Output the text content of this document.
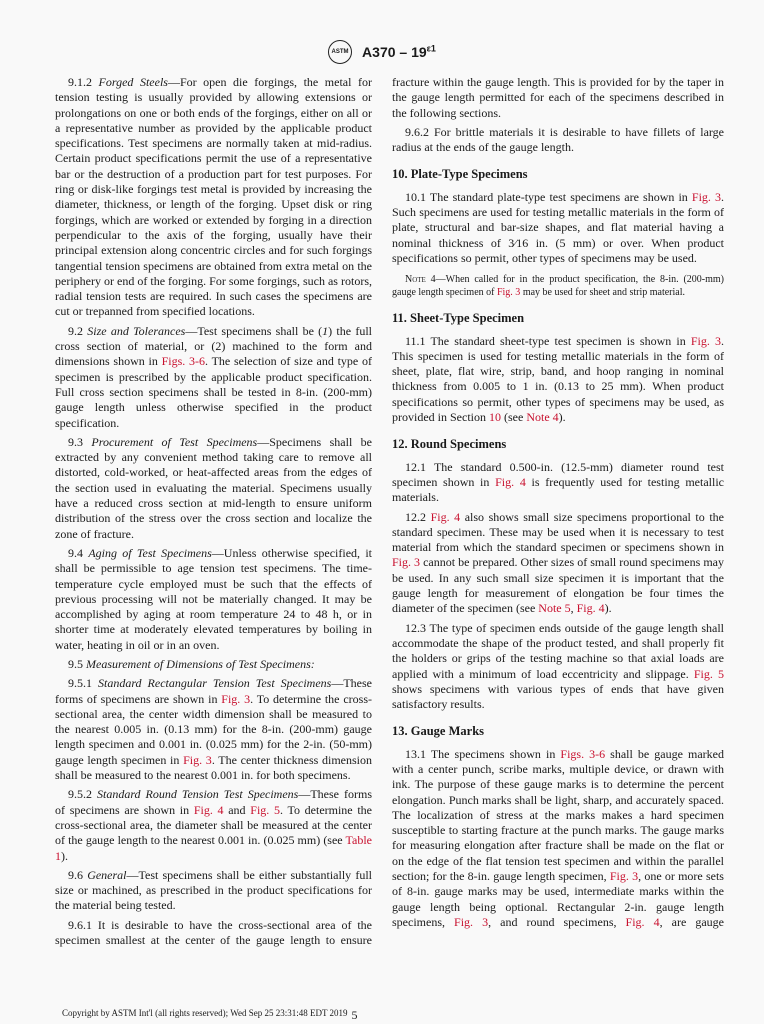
ASTM $A370 - 19^{\varepsilon 1}$
9.1.2 Forged Steels—For open die forgings, the metal for tension testing is usually provided by allowing extensions or prolongations on one or both ends of the forgings, either on all or a representative number as provided by the applicable product specifications. Test specimens are normally taken at mid-radius. Certain product specifications permit the use of a representative bar or the destruction of a production part for test purposes. For ring or disk-like forgings test metal is provided by increasing the diameter, thickness, or length of the forging. Upset disk or ring forgings, which are worked or extended by forging in a direction perpendicular to the axis of the forging, usually have their principal extension along concentric circles and for such forgings tangential tension specimens are obtained from extra metal on the periphery or end of the forging. For some forgings, such as rotors, radial tension tests are required. In such cases the specimens are cut or trepanned from specified locations.
9.2 Size and Tolerances—Test specimens shall be (1) the full cross section of material, or (2) machined to the form and dimensions shown in Figs. 3-6. The selection of size and type of specimen is prescribed by the applicable product specification. Full cross section specimens shall be tested in 8-in. (200-mm) gauge length unless otherwise specified in the product specification.
9.3 Procurement of Test Specimens—Specimens shall be extracted by any convenient method taking care to remove all distorted, cold-worked, or heat-affected areas from the edges of the section used in evaluating the material. Specimens usually have a reduced cross section at mid-length to ensure uniform distribution of the stress over the cross section and localize the zone of fracture.
9.4 Aging of Test Specimens—Unless otherwise specified, it shall be permissible to age tension test specimens. The time-temperature cycle employed must be such that the effects of previous processing will not be materially changed. It may be accomplished by aging at room temperature 24 to 48 h, or in shorter time at moderately elevated temperatures by boiling in water, heating in oil or in an oven.
9.5 Measurement of Dimensions of Test Specimens:
9.5.1 Standard Rectangular Tension Test Specimens—These forms of specimens are shown in Fig. 3. To determine the cross-sectional area, the center width dimension shall be measured to the nearest 0.005 in. (0.13 mm) for the 8-in. (200-mm) gauge length specimen and 0.001 in. (0.025 mm) for the 2-in. (50-mm) gauge length specimen in Fig. 3. The center thickness dimension shall be measured to the nearest 0.001 in. for both specimens.
9.5.2 Standard Round Tension Test Specimens—These forms of specimens are shown in Fig. 4 and Fig. 5. To determine the cross-sectional area, the diameter shall be measured at the center of the gauge length to the nearest 0.001 in. (0.025 mm) (see Table 1).
9.6 General—Test specimens shall be either substantially full size or machined, as prescribed in the product specifications for the material being tested.
9.6.1 It is desirable to have the cross-sectional area of the specimen smallest at the center of the gauge length to ensure
fracture within the gauge length. This is provided for by the taper in the gauge length permitted for each of the specimens described in the following sections.
9.6.2 For brittle materials it is desirable to have fillets of large radius at the ends of the gauge length.
10. Plate-Type Specimens
10.1 The standard plate-type test specimens are shown in Fig. 3. Such specimens are used for testing metallic materials in the form of plate, structural and bar-size shapes, and flat material having a nominal thickness of 3⁄16 in. (5 mm) or over. When product specifications so permit, other types of specimens may be used.
Note 4—When called for in the product specification, the 8-in. (200-mm) gauge length specimen of Fig. 3 may be used for sheet and strip material.
11. Sheet-Type Specimen
11.1 The standard sheet-type test specimen is shown in Fig. 3. This specimen is used for testing metallic materials in the form of sheet, plate, flat wire, strip, band, and hoop ranging in nominal thickness from 0.005 to 1 in. (0.13 to 25 mm). When product specifications so permit, other types of specimens may be used, as provided in Section 10 (see Note 4).
12. Round Specimens
12.1 The standard 0.500-in. (12.5-mm) diameter round test specimen shown in Fig. 4 is frequently used for testing metallic materials.
12.2 Fig. 4 also shows small size specimens proportional to the standard specimen. These may be used when it is necessary to test material from which the standard specimen or specimens shown in Fig. 3 cannot be prepared. Other sizes of small round specimens may be used. In any such small size specimen it is important that the gauge length for measurement of elongation be four times the diameter of the specimen (see Note 5, Fig. 4).
12.3 The type of specimen ends outside of the gauge length shall accommodate the shape of the product tested, and shall properly fit the holders or grips of the testing machine so that axial loads are applied with a minimum of load eccentricity and slippage. Fig. 5 shows specimens with various types of ends that have given satisfactory results.
13. Gauge Marks
13.1 The specimens shown in Figs. 3-6 shall be gauge marked with a center punch, scribe marks, multiple device, or drawn with ink. The purpose of these gauge marks is to determine the percent elongation. Punch marks shall be light, sharp, and accurately spaced. The localization of stress at the marks makes a hard specimen susceptible to starting fracture at the punch marks. The gauge marks for measuring elongation after fracture shall be made on the flat or on the edge of the flat tension test specimen and within the parallel section; for the 8-in. gauge length specimen, Fig. 3, one or more sets of 8-in. gauge marks may be used, intermediate marks within the gauge length being optional. Rectangular 2-in. gauge length specimens, Fig. 3, and round specimens, Fig. 4, are gauge
Copyright by ASTM Int'l (all rights reserved); Wed Sep 25 23:31:48 EDT 2019 5
